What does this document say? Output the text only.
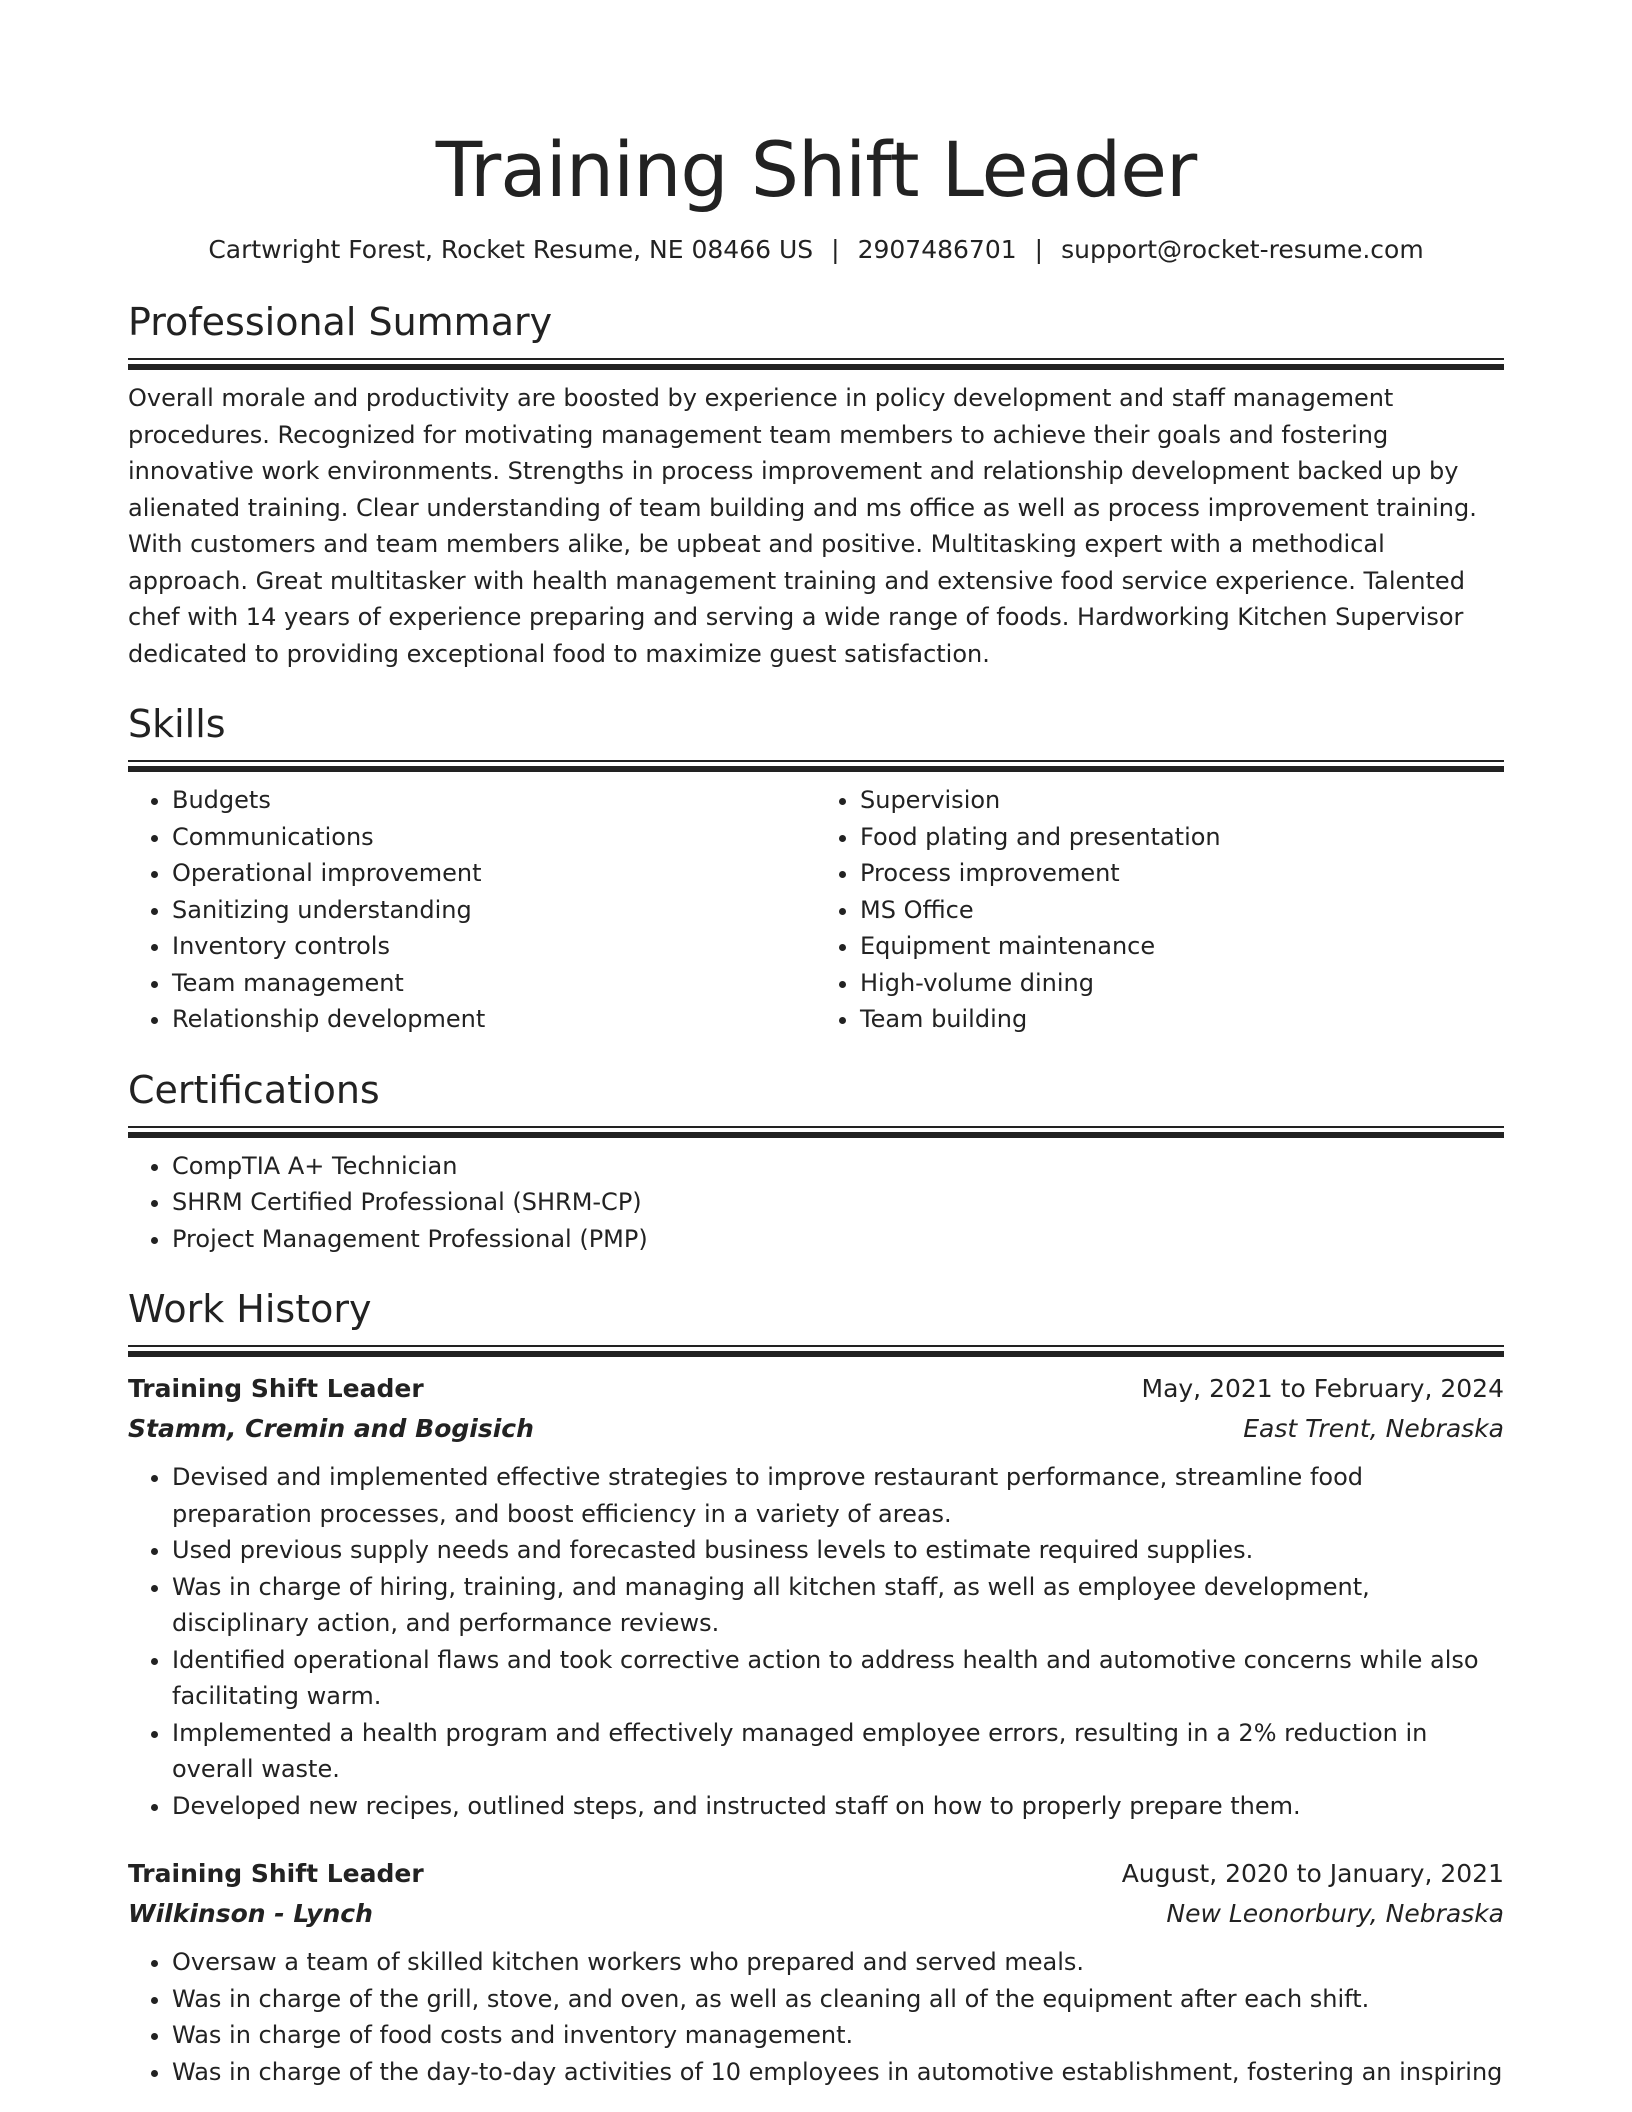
Training Shift Leader
Cartwright Forest, Rocket Resume, NE 08466 US | 2907486701 | support@rocket-resume.com
Professional Summary

Overall morale and productivity are boosted by experience in policy development and staff management procedures. Recognized for motivating management team members to achieve their goals and fostering innovative work environments. Strengths in process improvement and relationship development backed up by alienated training. Clear understanding of team building and ms office as well as process improvement training. With customers and team members alike, be upbeat and positive. Multitasking expert with a methodical approach. Great multitasker with health management training and extensive food service experience. Talented chef with 14 years of experience preparing and serving a wide range of foods. Hardworking Kitchen Supervisor dedicated to providing exceptional food to maximize guest satisfaction.

Skills
• Budgets
• Communications
• Operational improvement
• Sanitizing understanding
• Inventory controls
• Team management
• Relationship development
• Supervision
• Food plating and presentation
• Process improvement
• MS Office
• Equipment maintenance
• High-volume dining
• Team building
Certifications
• CompTIA A+ Technician
• SHRM Certified Professional (SHRM-CP)
• Project Management Professional (PMP)
Work History
Training Shift Leader	May, 2021 to February, 2024
Stamm, Cremin and Bogisich	East Trent, Nebraska
• Devised and implemented effective strategies to improve restaurant performance, streamline food preparation processes, and boost efficiency in a variety of areas.
• Used previous supply needs and forecasted business levels to estimate required supplies.
• Was in charge of hiring, training, and managing all kitchen staff, as well as employee development, disciplinary action, and performance reviews.
• Identified operational flaws and took corrective action to address health and automotive concerns while also facilitating warm.
• Implemented a health program and effectively managed employee errors, resulting in a 2% reduction in overall waste.
• Developed new recipes, outlined steps, and instructed staff on how to properly prepare them.
Training Shift Leader	August, 2020 to January, 2021
Wilkinson - Lynch	New Leonorbury, Nebraska
• Oversaw a team of skilled kitchen workers who prepared and served meals.
• Was in charge of the grill, stove, and oven, as well as cleaning all of the equipment after each shift.
• Was in charge of food costs and inventory management.
• Was in charge of the day-to-day activities of 10 employees in automotive establishment, fostering an inspiring
